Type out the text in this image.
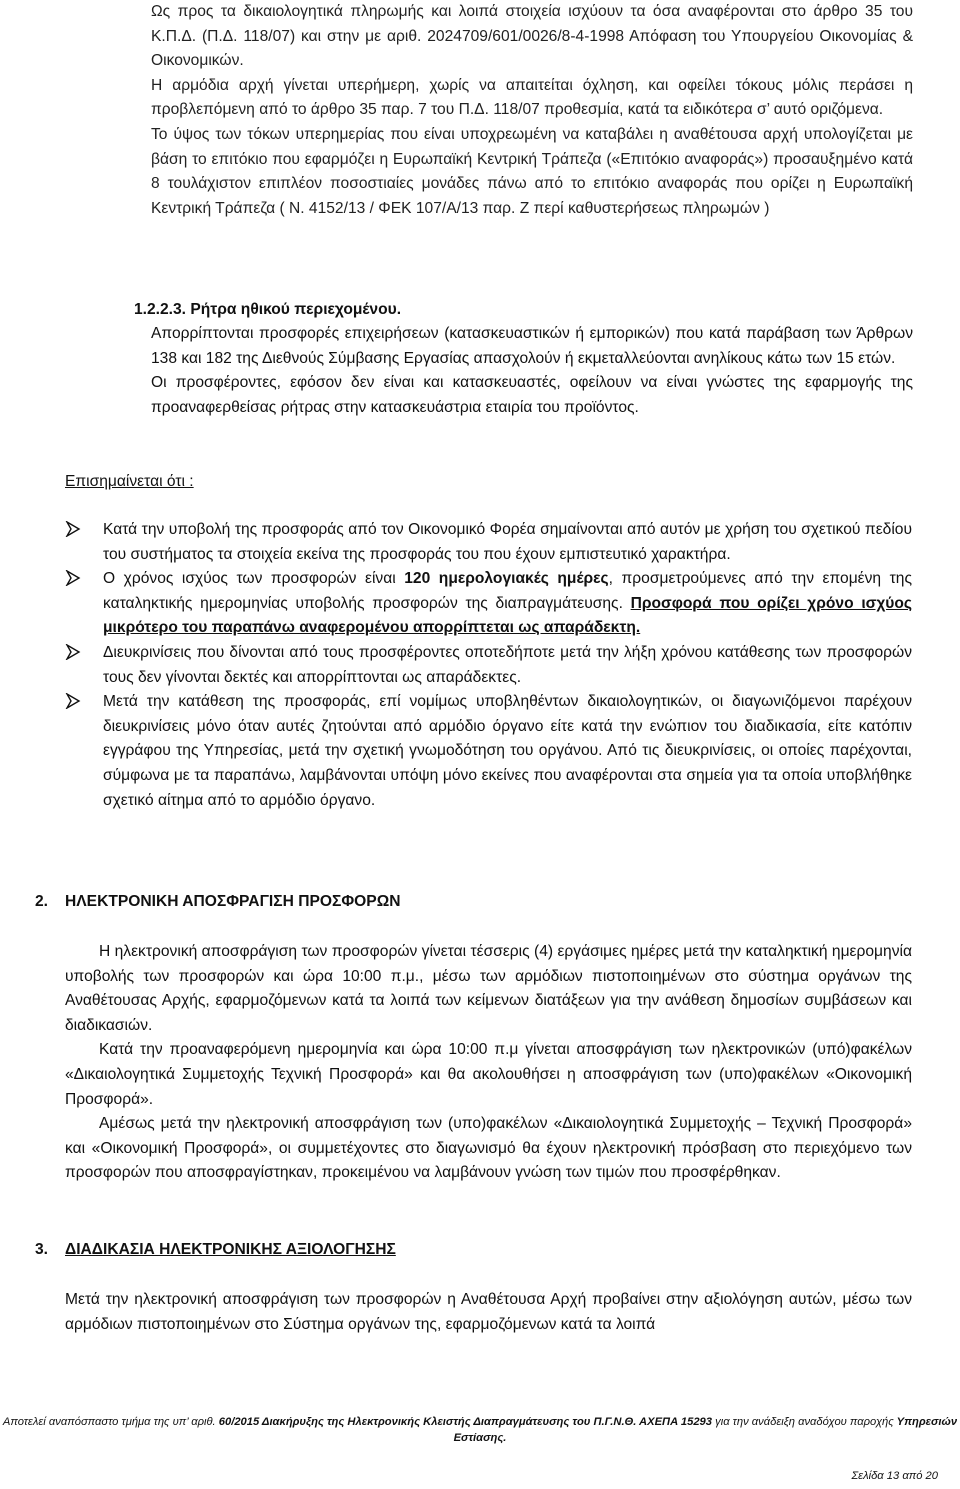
Ως προς τα δικαιολογητικά πληρωμής και λοιπά στοιχεία ισχύουν τα όσα αναφέρονται στο άρθρο 35 του Κ.Π.Δ. (Π.Δ. 118/07) και στην με αριθ. 2024709/601/0026/8-4-1998 Απόφαση του Υπουργείου Οικονομίας & Οικονομικών.

Η αρμόδια αρχή γίνεται υπερήμερη, χωρίς να απαιτείται όχληση, και οφείλει τόκους μόλις περάσει η προβλεπόμενη από το άρθρο 35 παρ. 7 του Π.Δ. 118/07 προθεσμία, κατά τα ειδικότερα σ’ αυτό οριζόμενα.

Το ύψος των τόκων υπερημερίας που είναι υποχρεωμένη να καταβάλει η αναθέτουσα αρχή υπολογίζεται με βάση το επιτόκιο που εφαρμόζει η Ευρωπαϊκή Κεντρική Τράπεζα («Επιτόκιο αναφοράς») προσαυξημένο κατά 8 τουλάχιστον επιπλέον ποσοστιαίες μονάδες πάνω από το επιτόκιο αναφοράς που ορίζει η Ευρωπαϊκή Κεντρική Τράπεζα ( Ν. 4152/13 / ΦΕΚ 107/Α/13 παρ. Ζ περί καθυστερήσεως πληρωμών )

1.2.2.3. Ρήτρα ηθικού περιεχομένου.

Απορρίπτονται προσφορές επιχειρήσεων (κατασκευαστικών ή εμπορικών) που κατά παράβαση των Άρθρων 138 και 182 της Διεθνούς Σύμβασης Εργασίας απασχολούν ή εκμεταλλεύονται ανηλίκους κάτω των 15 ετών.

Οι προσφέροντες, εφόσον δεν είναι και κατασκευαστές, οφείλουν να είναι γνώστες της εφαρμογής της προαναφερθείσας ρήτρας στην κατασκευάστρια εταιρία του προϊόντος.

Επισημαίνεται ότι :
Κατά την υποβολή της προσφοράς από τον Οικονομικό Φορέα σημαίνονται από αυτόν με χρήση του σχετικού πεδίου του συστήματος τα στοιχεία εκείνα της προσφοράς του που έχουν εμπιστευτικό χαρακτήρα.
Ο χρόνος ισχύος των προσφορών είναι 120 ημερολογιακές ημέρες, προσμετρούμενες από την επομένη της καταληκτικής ημερομηνίας υποβολής προσφορών της διαπραγμάτευσης. Προσφορά που ορίζει χρόνο ισχύος μικρότερο του παραπάνω αναφερομένου απορρίπτεται ως απαράδεκτη.
Διευκρινίσεις που δίνονται από τους προσφέροντες οποτεδήποτε μετά την λήξη χρόνου κατάθεσης των προσφορών τους δεν γίνονται δεκτές και απορρίπτονται ως απαράδεκτες.
Μετά την κατάθεση της προσφοράς, επί νομίμως υποβληθέντων δικαιολογητικών, οι διαγωνιζόμενοι παρέχουν διευκρινίσεις μόνο όταν αυτές ζητούνται από αρμόδιο όργανο είτε κατά την ενώπιον του διαδικασία, είτε κατόπιν εγγράφου της Υπηρεσίας, μετά την σχετική γνωμοδότηση του οργάνου. Από τις διευκρινίσεις, οι οποίες παρέχονται, σύμφωνα με τα παραπάνω, λαμβάνονται υπόψη μόνο εκείνες που αναφέρονται στα σημεία για τα οποία υποβλήθηκε σχετικό αίτημα από το αρμόδιο όργανο.
2. ΗΛΕΚΤΡΟΝΙΚΗ ΑΠΟΣΦΡΑΓΙΣΗ ΠΡΟΣΦΟΡΩΝ

Η ηλεκτρονική αποσφράγιση των προσφορών γίνεται τέσσερις (4) εργάσιμες ημέρες μετά την καταληκτική ημερομηνία υποβολής των προσφορών και ώρα 10:00 π.μ., μέσω των αρμόδιων πιστοποιημένων στο σύστημα οργάνων της Αναθέτουσας Αρχής, εφαρμοζόμενων κατά τα λοιπά των κείμενων διατάξεων για την ανάθεση δημοσίων συμβάσεων και διαδικασιών.

Κατά την προαναφερόμενη ημερομηνία και ώρα 10:00 π.μ γίνεται αποσφράγιση των ηλεκτρονικών (υπό)φακέλων «Δικαιολογητικά Συμμετοχής Τεχνική Προσφορά» και θα ακολουθήσει η αποσφράγιση των (υπο)φακέλων «Οικονομική Προσφορά».

Αμέσως μετά την ηλεκτρονική αποσφράγιση των (υπο)φακέλων «Δικαιολογητικά Συμμετοχής – Τεχνική Προσφορά» και «Οικονομική Προσφορά», οι συμμετέχοντες στο διαγωνισμό θα έχουν ηλεκτρονική πρόσβαση στο περιεχόμενο των προσφορών που αποσφραγίστηκαν, προκειμένου να λαμβάνουν γνώση των τιμών που προσφέρθηκαν.

3. ΔΙΑΔΙΚΑΣΙΑ ΗΛΕΚΤΡΟΝΙΚΗΣ ΑΞΙΟΛΟΓΗΣΗΣ

Μετά την ηλεκτρονική αποσφράγιση των προσφορών η Αναθέτουσα Αρχή προβαίνει στην αξιολόγηση αυτών, μέσω των αρμόδιων πιστοποιημένων στο Σύστημα οργάνων της, εφαρμοζόμενων κατά τα λοιπά

Αποτελεί αναπόσπαστο τμήμα της υπ’ αριθ. 60/2015 Διακήρυξης της Ηλεκτρονικής Κλειστής Διαπραγμάτευσης του Π.Γ.Ν.Θ. ΑΧΕΠΑ 15293 για την ανάδειξη αναδόχου παροχής Υπηρεσιών Εστίασης.
Σελίδα 13 από 20
